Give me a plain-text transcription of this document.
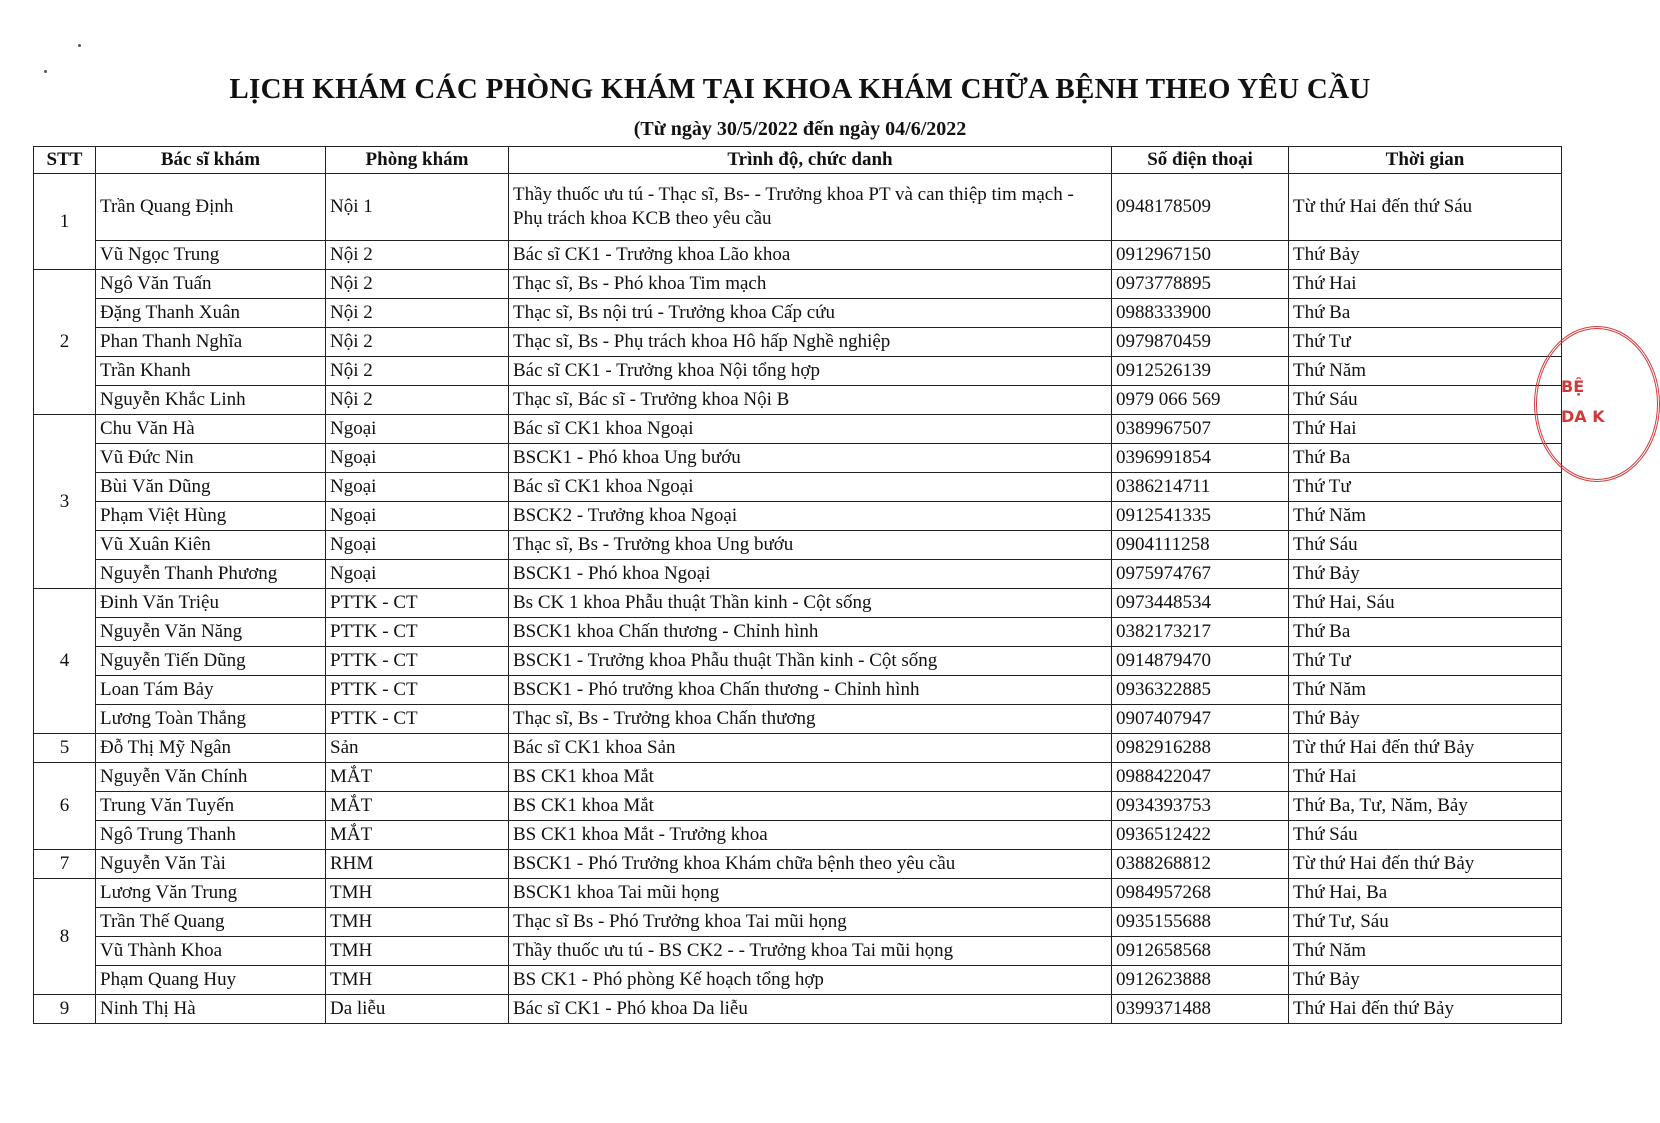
LỊCH KHÁM CÁC PHÒNG KHÁM TẠI KHOA KHÁM CHỮA BỆNH THEO YÊU CẦU
(Từ ngày 30/5/2022 đến ngày 04/6/2022
STT	Bác sĩ khám	Phòng khám	Trình độ, chức danh	Số điện thoại	Thời gian
1	Trần Quang Định	Nội 1	Thầy thuốc ưu tú - Thạc sĩ, Bs- - Trưởng khoa PT và can thiệp tim mạch - Phụ trách khoa KCB theo yêu cầu	0948178509	Từ thứ Hai đến thứ Sáu
	Vũ Ngọc Trung	Nội 2	Bác sĩ CK1 - Trưởng khoa Lão khoa	0912967150	Thứ Bảy
2	Ngô Văn Tuấn	Nội 2	Thạc sĩ, Bs - Phó khoa Tim mạch	0973778895	Thứ Hai
	Đặng Thanh Xuân	Nội 2	Thạc sĩ, Bs nội trú - Trưởng khoa Cấp cứu	0988333900	Thứ Ba
	Phan Thanh Nghĩa	Nội 2	Thạc sĩ, Bs - Phụ trách khoa Hô hấp Nghề nghiệp	0979870459	Thứ Tư
	Trần Khanh	Nội 2	Bác sĩ CK1 - Trưởng khoa Nội tổng hợp	0912526139	Thứ Năm
	Nguyễn Khắc Linh	Nội 2	Thạc sĩ, Bác sĩ - Trưởng khoa Nội B	0979 066 569	Thứ Sáu
3	Chu Văn Hà	Ngoại	Bác sĩ CK1 khoa Ngoại	0389967507	Thứ Hai
	Vũ Đức Nin	Ngoại	BSCK1 - Phó khoa Ung bướu	0396991854	Thứ Ba
	Bùi Văn Dũng	Ngoại	Bác sĩ CK1 khoa Ngoại	0386214711	Thứ Tư
	Phạm Việt Hùng	Ngoại	BSCK2 - Trưởng khoa Ngoại	0912541335	Thứ Năm
	Vũ Xuân Kiên	Ngoại	Thạc sĩ, Bs - Trưởng khoa Ung bướu	0904111258	Thứ Sáu
	Nguyễn Thanh Phương	Ngoại	BSCK1 - Phó khoa Ngoại	0975974767	Thứ Bảy
4	Đinh Văn Triệu	PTTK - CT	Bs CK 1 khoa Phẫu thuật Thần kinh - Cột sống	0973448534	Thứ Hai, Sáu
	Nguyễn Văn Năng	PTTK - CT	BSCK1 khoa Chấn thương - Chỉnh hình	0382173217	Thứ Ba
	Nguyễn Tiến Dũng	PTTK - CT	BSCK1 - Trưởng khoa Phẫu thuật Thần kinh - Cột sống	0914879470	Thứ Tư
	Loan Tám Bảy	PTTK - CT	BSCK1 - Phó trưởng khoa Chấn thương - Chỉnh hình	0936322885	Thứ Năm
	Lương Toàn Thắng	PTTK - CT	Thạc sĩ, Bs - Trưởng khoa Chấn thương	0907407947	Thứ Bảy
5	Đỗ Thị Mỹ Ngân	Sản	Bác sĩ CK1 khoa Sản	0982916288	Từ thứ Hai đến thứ Bảy
6	Nguyễn Văn Chính	MẮT	BS CK1 khoa Mắt	0988422047	Thứ Hai
	Trung Văn Tuyến	MẮT	BS CK1 khoa Mắt	0934393753	Thứ Ba, Tư, Năm, Bảy
	Ngô Trung Thanh	MẮT	BS CK1 khoa Mắt - Trưởng khoa	0936512422	Thứ Sáu
7	Nguyễn Văn Tài	RHM	BSCK1 - Phó Trưởng khoa Khám chữa bệnh theo yêu cầu	0388268812	Từ thứ Hai đến thứ Bảy
8	Lương Văn Trung	TMH	BSCK1 khoa Tai mũi họng	0984957268	Thứ Hai, Ba
	Trần Thế Quang	TMH	Thạc sĩ Bs - Phó Trưởng khoa Tai mũi họng	0935155688	Thứ Tư, Sáu
	Vũ Thành Khoa	TMH	Thầy thuốc ưu tú - BS CK2 - - Trưởng khoa Tai mũi họng	0912658568	Thứ Năm
	Phạm Quang Huy	TMH	BS CK1 - Phó phòng Kế hoạch tổng hợp	0912623888	Thứ Bảy
9	Ninh Thị Hà	Da liễu	Bác sĩ CK1 - Phó khoa Da liễu	0399371488	Thứ Hai đến thứ Bảy
BỆ
DA K
